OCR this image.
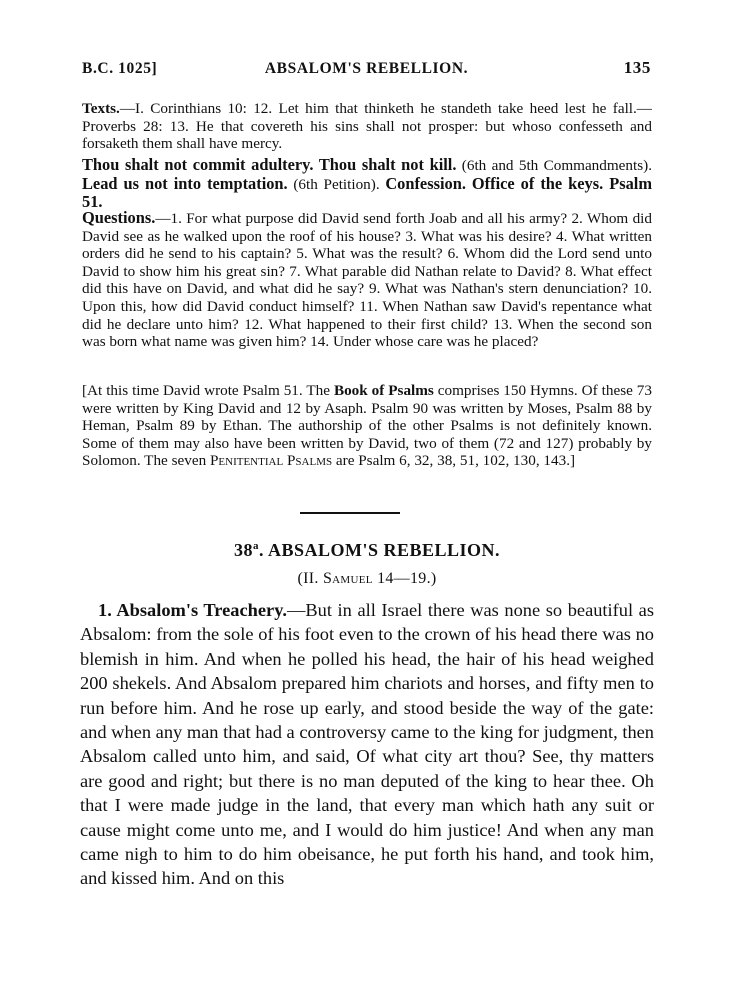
B.C. 1025]	ABSALOM'S REBELLION.	135

Texts.—I. Corinthians 10: 12. Let him that thinketh he standeth take heed lest he fall.—Proverbs 28: 13. He that covereth his sins shall not prosper: but whoso confesseth and forsaketh them shall have mercy.

Thou shalt not commit adultery. Thou shalt not kill. (6th and 5th Commandments). Lead us not into temptation. (6th Petition). Confession. Office of the keys. Psalm 51.

Questions.—1. For what purpose did David send forth Joab and all his army? 2. Whom did David see as he walked upon the roof of his house? 3. What was his desire? 4. What written orders did he send to his captain? 5. What was the result? 6. Whom did the Lord send unto David to show him his great sin? 7. What parable did Nathan relate to David? 8. What effect did this have on David, and what did he say? 9. What was Nathan's stern denunciation? 10. Upon this, how did David conduct himself? 11. When Nathan saw David's repentance what did he declare unto him? 12. What happened to their first child? 13. When the second son was born what name was given him? 14. Under whose care was he placed?

[At this time David wrote Psalm 51. The Book of Psalms comprises 150 Hymns. Of these 73 were written by King David and 12 by Asaph. Psalm 90 was written by Moses, Psalm 88 by Heman, Psalm 89 by Ethan. The authorship of the other Psalms is not definitely known. Some of them may also have been written by David, two of them (72 and 127) probably by Solomon. The seven Penitential Psalms are Psalm 6, 32, 38, 51, 102, 130, 143.]

38$^a$. ABSALOM'S REBELLION.
(II. Samuel 14—19.)

1. Absalom's Treachery.—But in all Israel there was none so beautiful as Absalom: from the sole of his foot even to the crown of his head there was no blemish in him. And when he polled his head, the hair of his head weighed 200 shekels. And Absalom prepared him chariots and horses, and fifty men to run before him. And he rose up early, and stood beside the way of the gate: and when any man that had a controversy came to the king for judgment, then Absalom called unto him, and said, Of what city art thou? See, thy matters are good and right; but there is no man deputed of the king to hear thee. Oh that I were made judge in the land, that every man which hath any suit or cause might come unto me, and I would do him justice! And when any man came nigh to him to do him obeisance, he put forth his hand, and took him, and kissed him. And on this
